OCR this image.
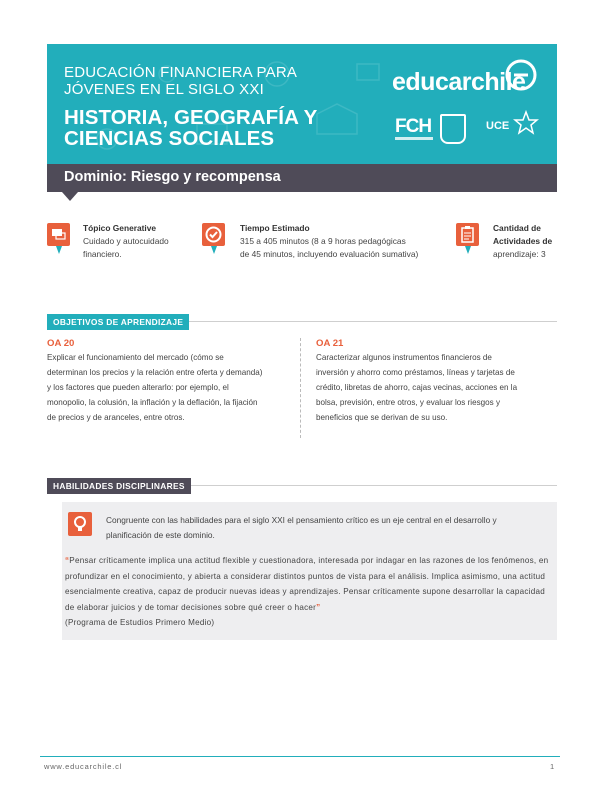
EDUCACIÓN FINANCIERA PARA
JÓVENES EN EL SIGLO XXI
HISTORIA, GEOGRAFÍA Y
CIENCIAS SOCIALES
educarchile
FCH	UCE
Dominio: Riesgo y recompensa
Tópico Generative
Cuidado y autocuidado
financiero.
Tiempo Estimado
315 a 405 minutos (8 a 9 horas pedagógicas
de 45 minutos, incluyendo evaluación sumativa)
Cantidad de
Actividades de
aprendizaje: 3
OBJETIVOS DE APRENDIZAJE
OA 20
Explicar el funcionamiento del mercado (cómo se
determinan los precios y la relación entre oferta y demanda)
y los factores que pueden alterarlo: por ejemplo, el
monopolio, la colusión, la inflación y la deflación, la fijación
de precios y de aranceles, entre otros.
OA 21
Caracterizar algunos instrumentos financieros de
inversión y ahorro como préstamos, líneas y tarjetas de
crédito, libretas de ahorro, cajas vecinas, acciones en la
bolsa, previsión, entre otros, y evaluar los riesgos y
beneficios que se derivan de su uso.
HABILIDADES DISCIPLINARES
Congruente con las habilidades para el siglo XXI el pensamiento crítico es un eje central en el desarrollo y
planificación de este dominio.
“Pensar críticamente implica una actitud flexible y cuestionadora, interesada por indagar en las razones de los fenómenos, en profundizar en el conocimiento, y abierta a considerar distintos puntos de vista para el análisis. Implica asimismo, una actitud esencialmente creativa, capaz de producir nuevas ideas y aprendizajes. Pensar críticamente supone desarrollar la capacidad de elaborar juicios y de tomar decisiones sobre qué creer o hacer”
(Programa de Estudios Primero Medio)
www.educarchile.cl	1
